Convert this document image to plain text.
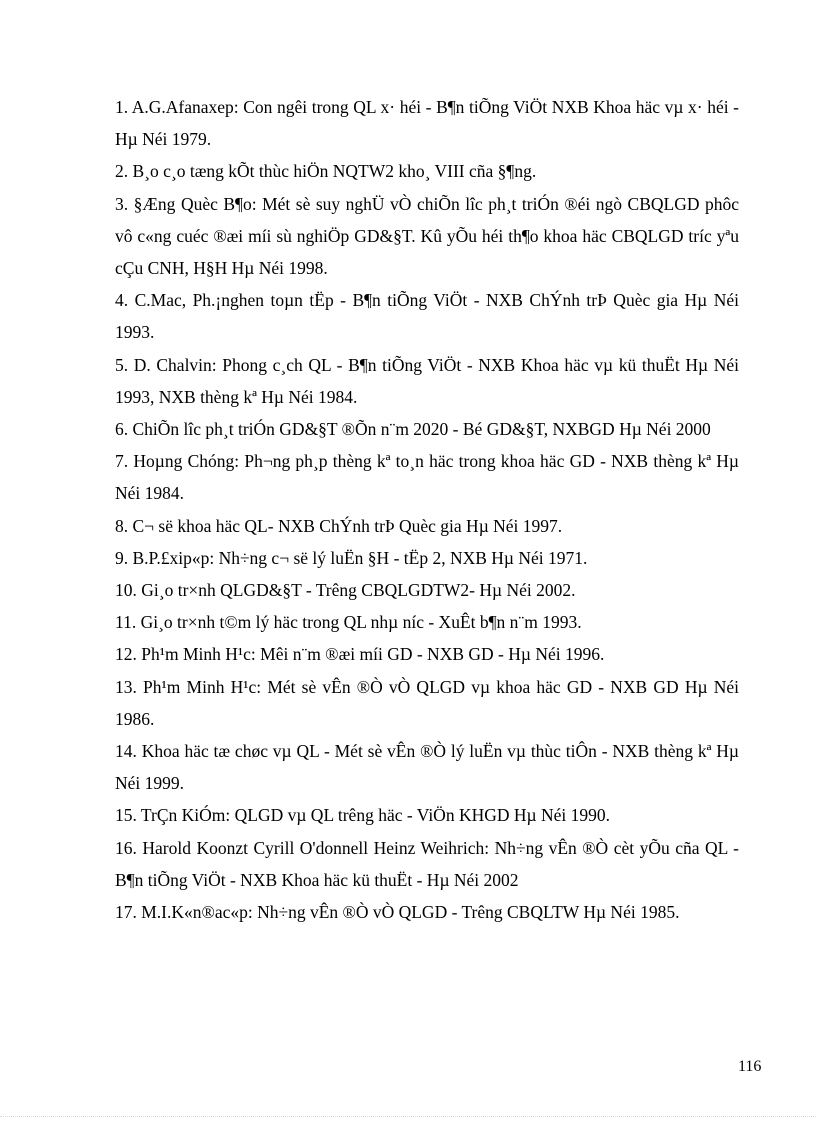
1. A.G.Afanaxep: Con ngêi trong QL x· héi - B¶n tiÕng ViÖt NXB Khoa häc vµ x· héi - Hµ Néi 1979.
2. B¸o c¸o tæng kÕt thùc hiÖn NQTW2 kho¸ VIII cña §¶ng.
3. §Æng Quèc B¶o: Mét sè suy nghÜ vÒ chiÕn lîc ph¸t triÓn ®éi ngò CBQLGD phôc vô c«ng cuéc ®æi míi sù nghiÖp GD&§T. Kû yÕu héi th¶o khoa häc CBQLGD tríc yªu cÇu CNH, H§H Hµ Néi 1998.
4. C.Mac, Ph.¡nghen toµn tËp - B¶n tiÕng ViÖt - NXB ChÝnh trÞ Quèc gia Hµ Néi 1993.
5. D. Chalvin: Phong c¸ch QL - B¶n tiÕng ViÖt - NXB Khoa häc vµ kü thuËt Hµ Néi 1993, NXB thèng kª Hµ Néi 1984.
6. ChiÕn lîc ph¸t triÓn GD&§T ®Õn n¨m 2020 - Bé GD&§T, NXBGD Hµ Néi 2000
7. Hoµng Chóng: Ph¬ng ph¸p thèng kª to¸n häc trong khoa häc GD - NXB thèng kª Hµ Néi 1984.
8. C¬ së khoa häc QL- NXB ChÝnh trÞ Quèc gia Hµ Néi 1997.
9. B.P.£xip«p: Nh÷ng c¬ së lý luËn §H - tËp 2, NXB Hµ Néi 1971.
10. Gi¸o tr×nh QLGD&§T - Trêng CBQLGDTW2- Hµ Néi 2002.
11. Gi¸o tr×nh t©m lý häc trong QL nhµ níc - XuÊt b¶n n¨m 1993.
12. Ph¹m Minh H¹c: Mêi n¨m ®æi míi GD - NXB GD - Hµ Néi 1996.
13. Ph¹m Minh H¹c: Mét sè vÊn ®Ò vÒ QLGD vµ khoa häc GD - NXB GD Hµ Néi 1986.
14. Khoa häc tæ chøc vµ QL - Mét sè vÊn ®Ò lý luËn vµ thùc tiÔn - NXB thèng kª Hµ Néi 1999.
15. TrÇn KiÓm: QLGD vµ QL trêng häc - ViÖn KHGD Hµ Néi 1990.
16. Harold Koonzt Cyrill O'donnell Heinz Weihrich: Nh÷ng vÊn ®Ò cèt yÕu cña QL - B¶n tiÕng ViÖt - NXB Khoa häc kü thuËt - Hµ Néi 2002
17. M.I.K«n®ac«p: Nh÷ng vÊn ®Ò vÒ QLGD - Trêng CBQLTW Hµ Néi 1985.
116
